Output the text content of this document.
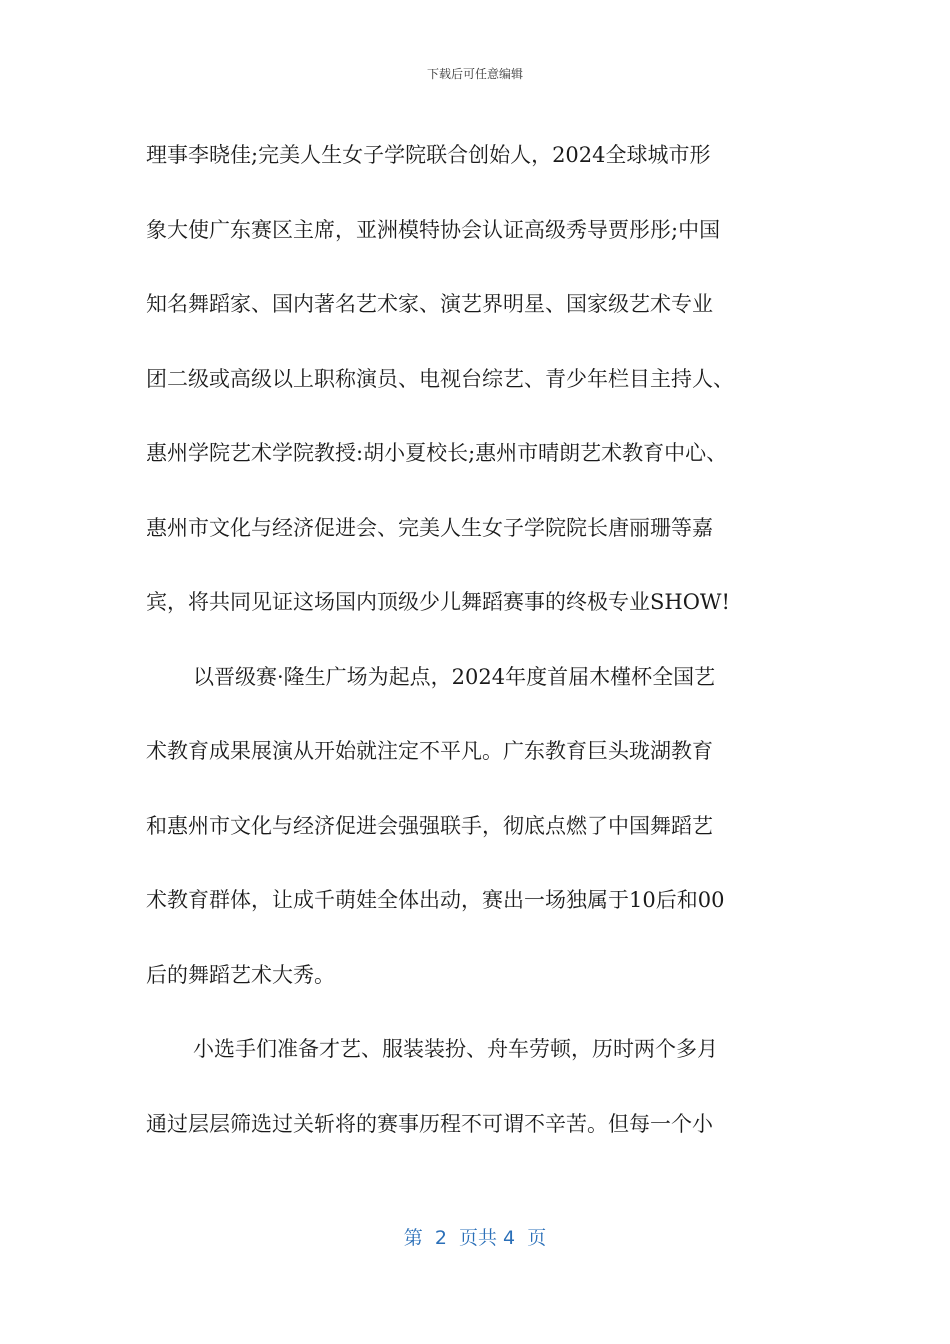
下载后可任意编辑
理事李晓佳;完美人生女子学院联合创始人，2024全球城市形
象大使广东赛区主席，亚洲模特协会认证高级秀导贾彤彤;中国
知名舞蹈家、国内著名艺术家、演艺界明星、国家级艺术专业
团二级或高级以上职称演员、电视台综艺、青少年栏目主持人、
惠州学院艺术学院教授:胡小夏校长;惠州市晴朗艺术教育中心、
惠州市文化与经济促进会、完美人生女子学院院长唐丽珊等嘉
宾，将共同见证这场国内顶级少儿舞蹈赛事的终极专业SHOW!
以晋级赛·隆生广场为起点，2024年度首届木槿杯全国艺
术教育成果展演从开始就注定不平凡。广东教育巨头珑湖教育
和惠州市文化与经济促进会强强联手，彻底点燃了中国舞蹈艺
术教育群体，让成千萌娃全体出动，赛出一场独属于10后和00
后的舞蹈艺术大秀。
小选手们准备才艺、服装装扮、舟车劳顿，历时两个多月
通过层层筛选过关斩将的赛事历程不可谓不辛苦。但每一个小
第  2  页共 4  页
